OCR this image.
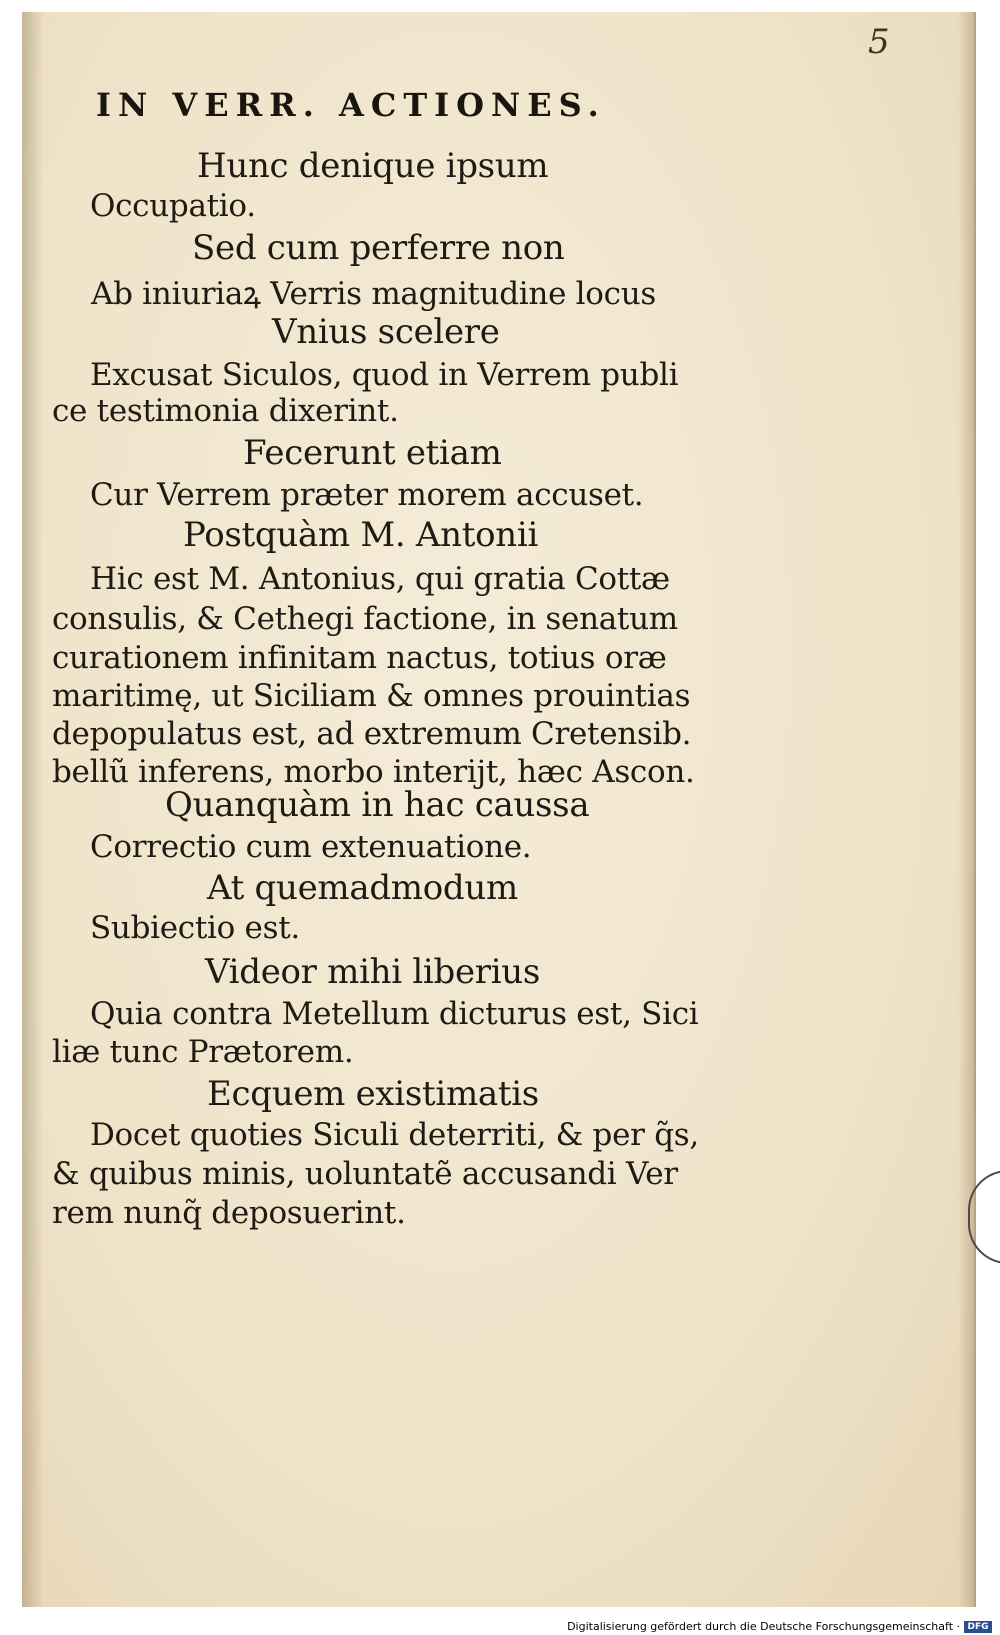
5
IN VERR. ACTIONES.
Hunc denique ipsum
Occupatio.
Sed cum perferre non
Ab iniuriaꝝ Verris magnitudine locus
Vnius scelere
Excusat Siculos, quod in Verrem publi
ce testimonia dixerint.
Fecerunt etiam
Cur Verrem præter morem accuset.
Postquàm M. Antonii
Hic est M. Antonius, qui gratia Cottæ
consulis, & Cethegi factione, in senatum
curationem infinitam nactus, totius oræ
maritimę, ut Siciliam & omnes prouintias
depopulatus est, ad extremum Cretensib.
bellũ inferens, morbo interijt, hæc Ascon.
Quanquàm in hac caussa
Correctio cum extenuatione.
At quemadmodum
Subiectio est.
Videor mihi liberius
Quia contra Metellum dicturus est, Sici
liæ tunc Prætorem.
Ecquem existimatis
Docet quoties Siculi deterriti, & per q̃s,
& quibus minis, uoluntatẽ accusandi Ver
rem nunq̃ deposuerint.
Digitalisierung gefördert durch die Deutsche Forschungsgemeinschaft · DFG
